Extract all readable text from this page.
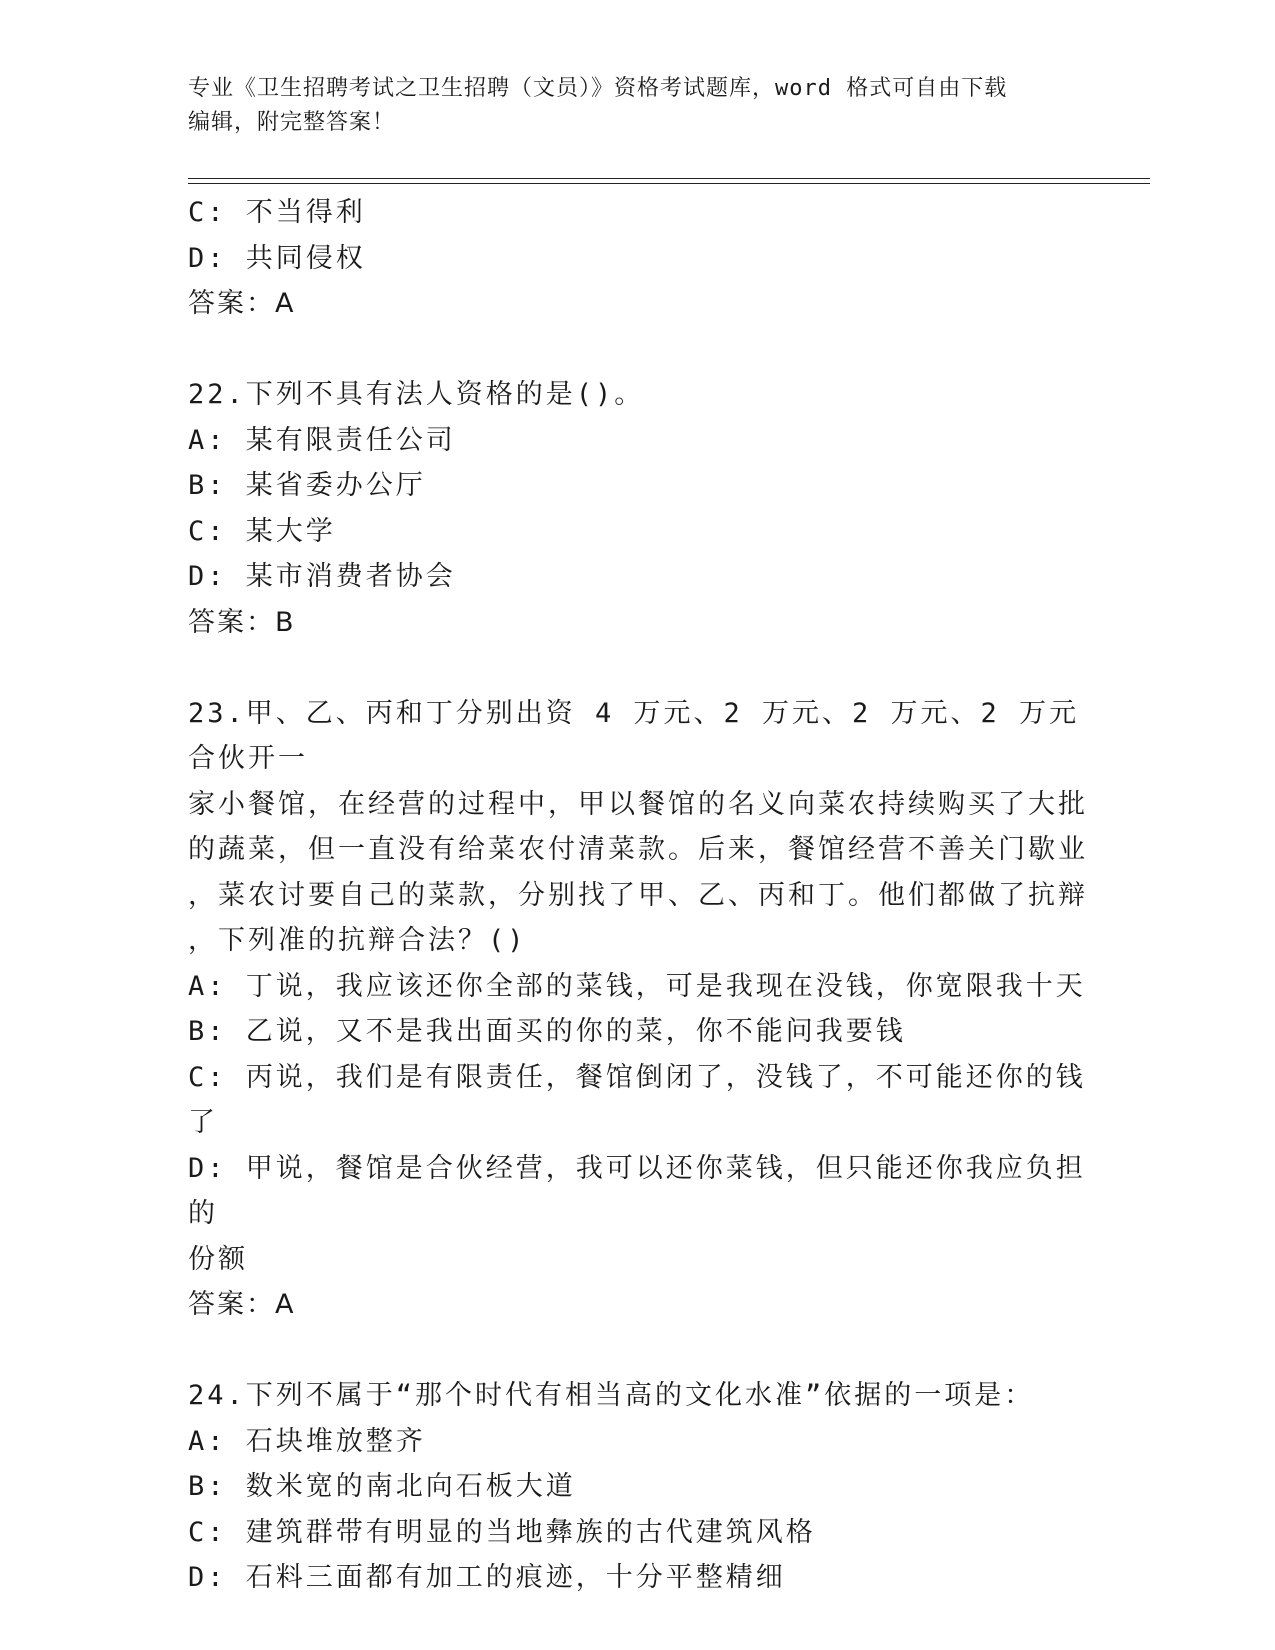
专业《卫生招聘考试之卫生招聘（文员）》资格考试题库，word 格式可自由下载
编辑，附完整答案！
C: 不当得利
D: 共同侵权
答案：A
22.下列不具有法人资格的是()。
A: 某有限责任公司
B: 某省委办公厅
C: 某大学
D: 某市消费者协会
答案：B
23.甲、乙、丙和丁分别出资 4 万元、2 万元、2 万元、2 万元合伙开一
家小餐馆，在经营的过程中，甲以餐馆的名义向菜农持续购买了大批
的蔬菜，但一直没有给菜农付清菜款。后来，餐馆经营不善关门歇业
，菜农讨要自己的菜款，分别找了甲、乙、丙和丁。他们都做了抗辩
，下列准的抗辩合法？()
A: 丁说，我应该还你全部的菜钱，可是我现在没钱，你宽限我十天
B: 乙说，又不是我出面买的你的菜，你不能问我要钱
C: 丙说，我们是有限责任，餐馆倒闭了，没钱了，不可能还你的钱了
D: 甲说，餐馆是合伙经营，我可以还你菜钱，但只能还你我应负担的
份额
答案：A
24.下列不属于“那个时代有相当高的文化水准”依据的一项是：
A: 石块堆放整齐
B: 数米宽的南北向石板大道
C: 建筑群带有明显的当地彝族的古代建筑风格
D: 石料三面都有加工的痕迹，十分平整精细
